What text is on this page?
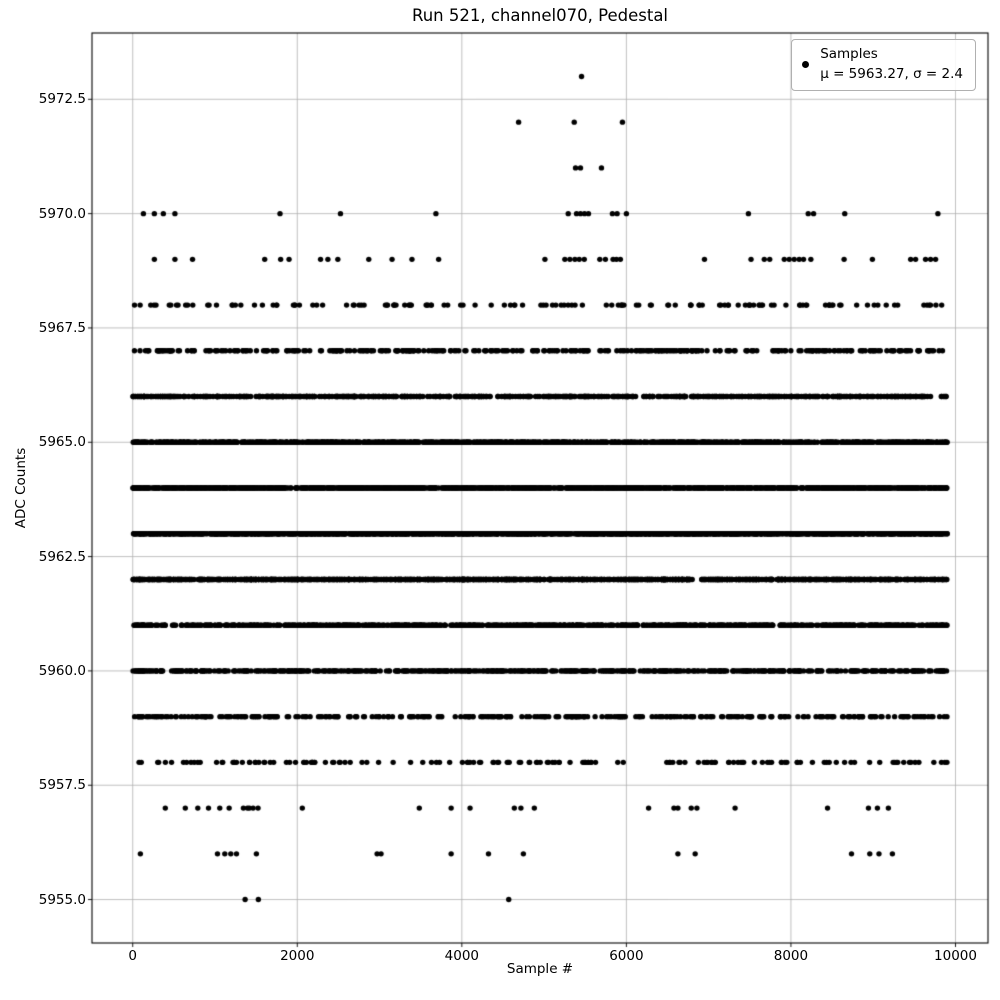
Run 521, channel070, Pedestal
Sample #
ADC Counts
Samples
μ = 5963.27, σ = 2.4
0	2000	4000	6000	8000	10000
5955.0
5957.5
5960.0
5962.5
5965.0
5967.5
5970.0
5972.5
